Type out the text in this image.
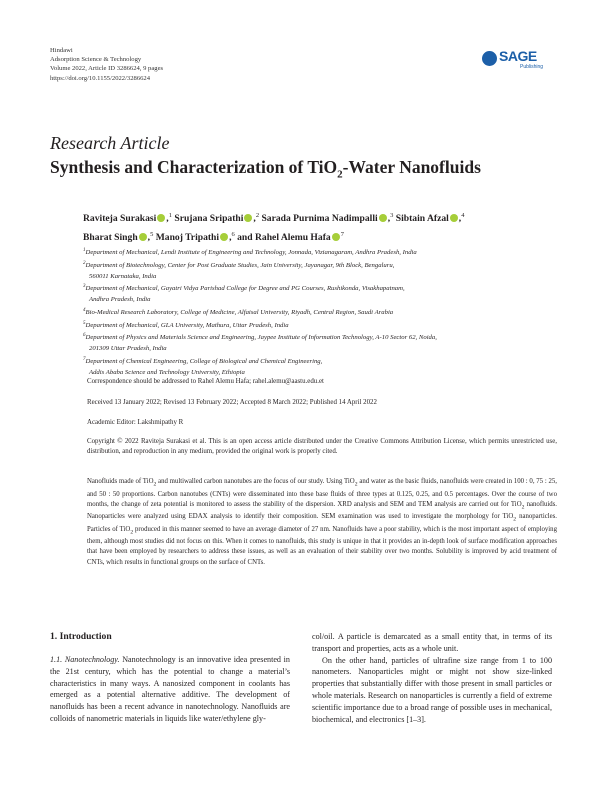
Hindawi
Adsorption Science & Technology
Volume 2022, Article ID 3286624, 9 pages
https://doi.org/10.1155/2022/3286624
SAGE
Publishing
Research Article
Synthesis and Characterization of TiO$_2$-Water Nanofluids
Raviteja Surakasi ,$^1$ Srujana Sripathi ,$^2$ Sarada Purnima Nadimpalli ,$^3$ Sibtain Afzal ,$^4$
Bharat Singh ,$^5$ Manoj Tripathi ,$^6$ and Rahel Alemu Hafa $^7$
$^1$Department of Mechanical, Lendi Institute of Engineering and Technology, Jonnada, Vizianagaram, Andhra Pradesh, India
$^2$Department of Biotechnology, Center for Post Graduate Studies, Jain University, Jayanagar, 9th Block, Bengaluru,
560011 Karnataka, India
$^3$Department of Mechanical, Gayatri Vidya Parishad College for Degree and PG Courses, Rushikonda, Visakhapatnam,
Andhra Pradesh, India
$^4$Bio-Medical Research Laboratory, College of Medicine, Alfaisal University, Riyadh, Central Region, Saudi Arabia
$^5$Department of Mechanical, GLA University, Mathura, Uttar Pradesh, India
$^6$Department of Physics and Materials Science and Engineering, Jaypee Institute of Information Technology, A-10 Sector 62, Noida,
201309 Uttar Pradesh, India
$^7$Department of Chemical Engineering, College of Biological and Chemical Engineering,
Addis Ababa Science and Technology University, Ethiopia
Correspondence should be addressed to Rahel Alemu Hafa; rahel.alemu@aastu.edu.et
Received 13 January 2022; Revised 13 February 2022; Accepted 8 March 2022; Published 14 April 2022
Academic Editor: Lakshmipathy R
Copyright © 2022 Raviteja Surakasi et al. This is an open access article distributed under the Creative Commons Attribution License, which permits unrestricted use, distribution, and reproduction in any medium, provided the original work is properly cited.
Nanofluids made of TiO$_2$ and multiwalled carbon nanotubes are the focus of our study. Using TiO$_2$ and water as the basic fluids, nanofluids were created in 100 : 0, 75 : 25, and 50 : 50 proportions. Carbon nanotubes (CNTs) were disseminated into these base fluids of three types at 0.125, 0.25, and 0.5 percentages. Over the course of two months, the change of zeta potential is monitored to assess the stability of the dispersion. XRD analysis and SEM and TEM analysis are carried out for TiO$_2$ nanofluids. Nanoparticles were analyzed using EDAX analysis to identify their composition. SEM examination was used to investigate the morphology for TiO$_2$ nanoparticles. Particles of TiO$_2$ produced in this manner seemed to have an average diameter of 27 nm. Nanofluids have a poor stability, which is the most important aspect of employing them, although most studies did not focus on this. When it comes to nanofluids, this study is unique in that it provides an in-depth look of surface modification approaches that have been employed by researchers to address these issues, as well as an evaluation of their stability over two months. Solubility is improved by acid treatment of CNTs, which results in functional groups on the surface of CNTs.
1. Introduction

1.1. Nanotechnology. Nanotechnology is an innovative idea presented in the 21st century, which has the potential to change a material’s characteristics in many ways. A nanosized component in coolants has emerged as a potential alternative additive. The development of nanofluids has been a recent advance in nanotechnology. Nanofluids are colloids of nanometric materials in liquids like water/ethylene gly-

col/oil. A particle is demarcated as a small entity that, in terms of its transport and properties, acts as a whole unit.

On the other hand, particles of ultrafine size range from 1 to 100 nanometers. Nanoparticles might or might not show size-linked properties that substantially differ with those present in small particles or whole materials. Research on nanoparticles is currently a field of extreme scientific importance due to a broad range of possible uses in mechanical, biochemical, and electronics [1–3].
